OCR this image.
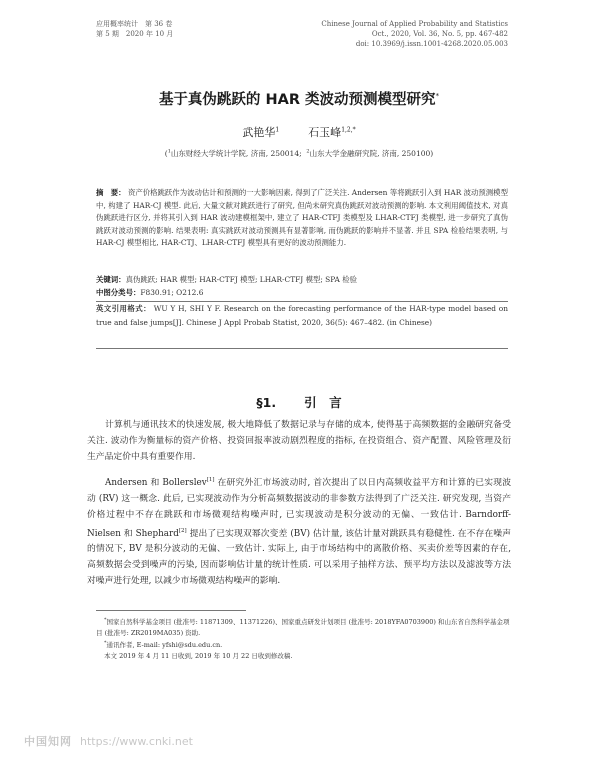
应用概率统计　第 36 卷
第 5 期　2020 年 10 月
Chinese Journal of Applied Probability and Statistics
Oct., 2020, Vol. 36, No. 5, pp. 467-482
doi: 10.3969/j.issn.1001-4268.2020.05.003
基于真伪跳跃的 HAR 类波动预测模型研究*
武艳华$^1$	石玉峰$^{1,2,*}$
($^1$山东财经大学统计学院, 济南, 250014; $^2$山东大学金融研究院, 济南, 250100)
摘　要： 资产价格跳跃作为波动估计和预测的一大影响因素, 得到了广泛关注. Andersen 等将跳跃引入到 HAR 波动预测模型中, 构建了 HAR-CJ 模型. 此后, 大量文献对跳跃进行了研究, 但尚未研究真伪跳跃对波动预测的影响. 本文利用阈值技术, 对真伪跳跃进行区分, 并将其引入到 HAR 波动建模框架中, 建立了 HAR-CTFJ 类模型及 LHAR-CTFJ 类模型, 进一步研究了真伪跳跃对波动预测的影响. 结果表明: 真实跳跃对波动预测具有显著影响, 而伪跳跃的影响并不显著. 并且 SPA 检验结果表明, 与 HAR-CJ 模型相比, HAR-CTJ、LHAR-CTFJ 模型具有更好的波动预测能力.
关键词：真伪跳跃; HAR 模型; HAR-CTFJ 模型; LHAR-CTFJ 模型; SPA 检验
中图分类号：F830.91; O212.6
英文引用格式： WU Y H, SHI Y F. Research on the forecasting performance of the HAR-type model based on true and false jumps[J]. Chinese J Appl Probab Statist, 2020, 36(5): 467–482. (in Chinese)
§1. 引　言
计算机与通讯技术的快速发展, 极大地降低了数据记录与存储的成本, 使得基于高频数据的金融研究备受关注. 波动作为衡量标的资产价格、投资回报率波动剧烈程度的指标, 在投资组合、资产配置、风险管理及衍生产品定价中具有重要作用.
Andersen 和 Bollerslev[1] 在研究外汇市场波动时, 首次提出了以日内高频收益平方和计算的已实现波动 (RV) 这一概念. 此后, 已实现波动作为分析高频数据波动的非参数方法得到了广泛关注. 研究发现, 当资产价格过程中不存在跳跃和市场微观结构噪声时, 已实现波动是积分波动的无偏、一致估计. Barndorff-Nielsen 和 Shephard[2] 提出了已实现双幂次变差 (BV) 估计量, 该估计量对跳跃具有稳健性. 在不存在噪声的情况下, BV 是积分波动的无偏、一致估计. 实际上, 由于市场结构中的离散价格、买卖价差等因素的存在, 高频数据会受到噪声的污染, 因而影响估计量的统计性质. 可以采用子抽样方法、预平均方法以及滤波等方法对噪声进行处理, 以减少市场微观结构噪声的影响.
*国家自然科学基金项目 (批准号: 11871309、11371226)、国家重点研发计划项目 (批准号: 2018YFA0703900) 和山东省自然科学基金项目 (批准号: ZR2019MA035) 资助.
*通讯作者, E-mail: yfshi@sdu.edu.cn.
本文 2019 年 4 月 11 日收到, 2019 年 10 月 22 日收到修改稿.
中国知网 https://www.cnki.net
